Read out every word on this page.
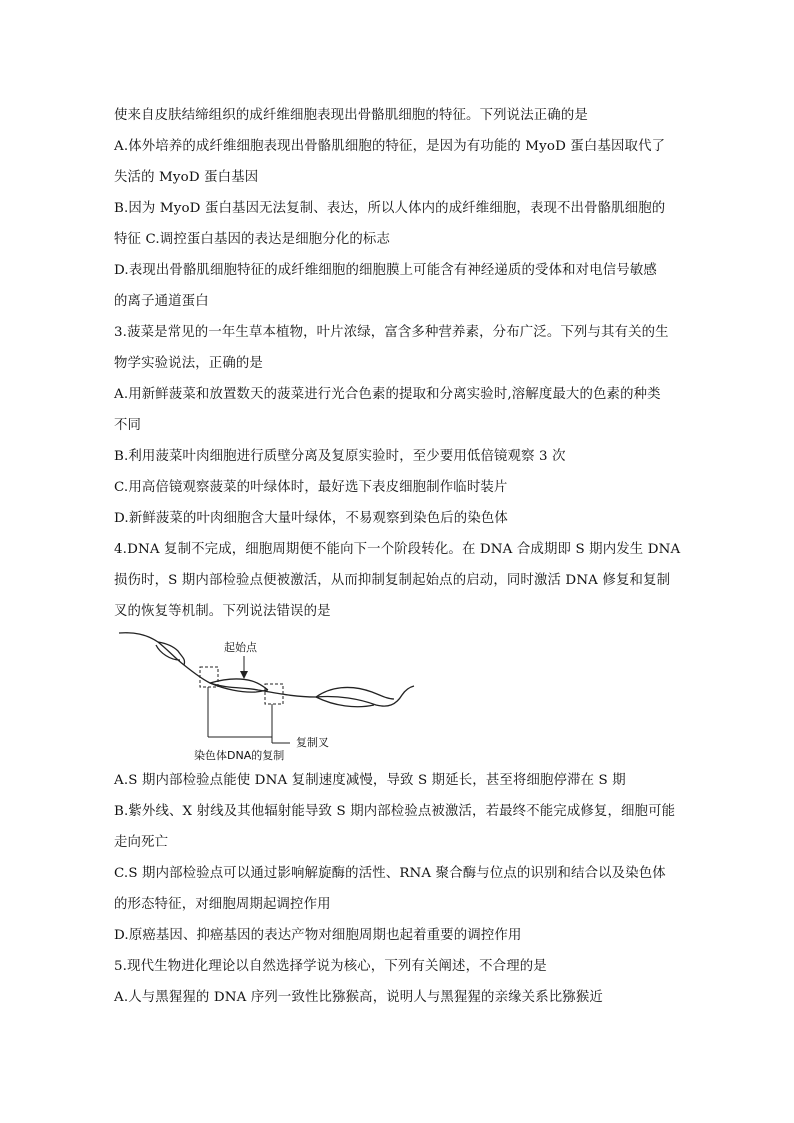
使来自皮肤结缔组织的成纤维细胞表现出骨骼肌细胞的特征。下列说法正确的是
A.体外培养的成纤维细胞表现出骨骼肌细胞的特征，是因为有功能的 MyoD 蛋白基因取代了
失活的 MyoD 蛋白基因
B.因为 MyoD 蛋白基因无法复制、表达，所以人体内的成纤维细胞，表现不出骨骼肌细胞的
特征 C.调控蛋白基因的表达是细胞分化的标志
D.表现出骨骼肌细胞特征的成纤维细胞的细胞膜上可能含有神经递质的受体和对电信号敏感
的离子通道蛋白
3.菠菜是常见的一年生草本植物，叶片浓绿，富含多种营养素，分布广泛。下列与其有关的生
物学实验说法，正确的是
A.用新鲜菠菜和放置数天的菠菜进行光合色素的提取和分离实验时,溶解度最大的色素的种类
不同
B.利用菠菜叶肉细胞进行质壁分离及复原实验时，至少要用低倍镜观察 3 次
C.用高倍镜观察菠菜的叶绿体时，最好选下表皮细胞制作临时装片
D.新鲜菠菜的叶肉细胞含大量叶绿体，不易观察到染色后的染色体
4.DNA 复制不完成，细胞周期便不能向下一个阶段转化。在 DNA 合成期即 S 期内发生 DNA
损伤时，S 期内部检验点便被激活，从而抑制复制起始点的启动，同时激活 DNA 修复和复制
叉的恢复等机制。下列说法错误的是
起始点
复制叉
染色体DNA的复制
A.S 期内部检验点能使 DNA 复制速度减慢，导致 S 期延长，甚至将细胞停滞在 S 期
B.紫外线、X 射线及其他辐射能导致 S 期内部检验点被激活，若最终不能完成修复，细胞可能
走向死亡
C.S 期内部检验点可以通过影响解旋酶的活性、RNA 聚合酶与位点的识别和结合以及染色体
的形态特征，对细胞周期起调控作用
D.原癌基因、抑癌基因的表达产物对细胞周期也起着重要的调控作用
5.现代生物进化理论以自然选择学说为核心，下列有关阐述，不合理的是
A.人与黑猩猩的 DNA 序列一致性比猕猴高，说明人与黑猩猩的亲缘关系比猕猴近
